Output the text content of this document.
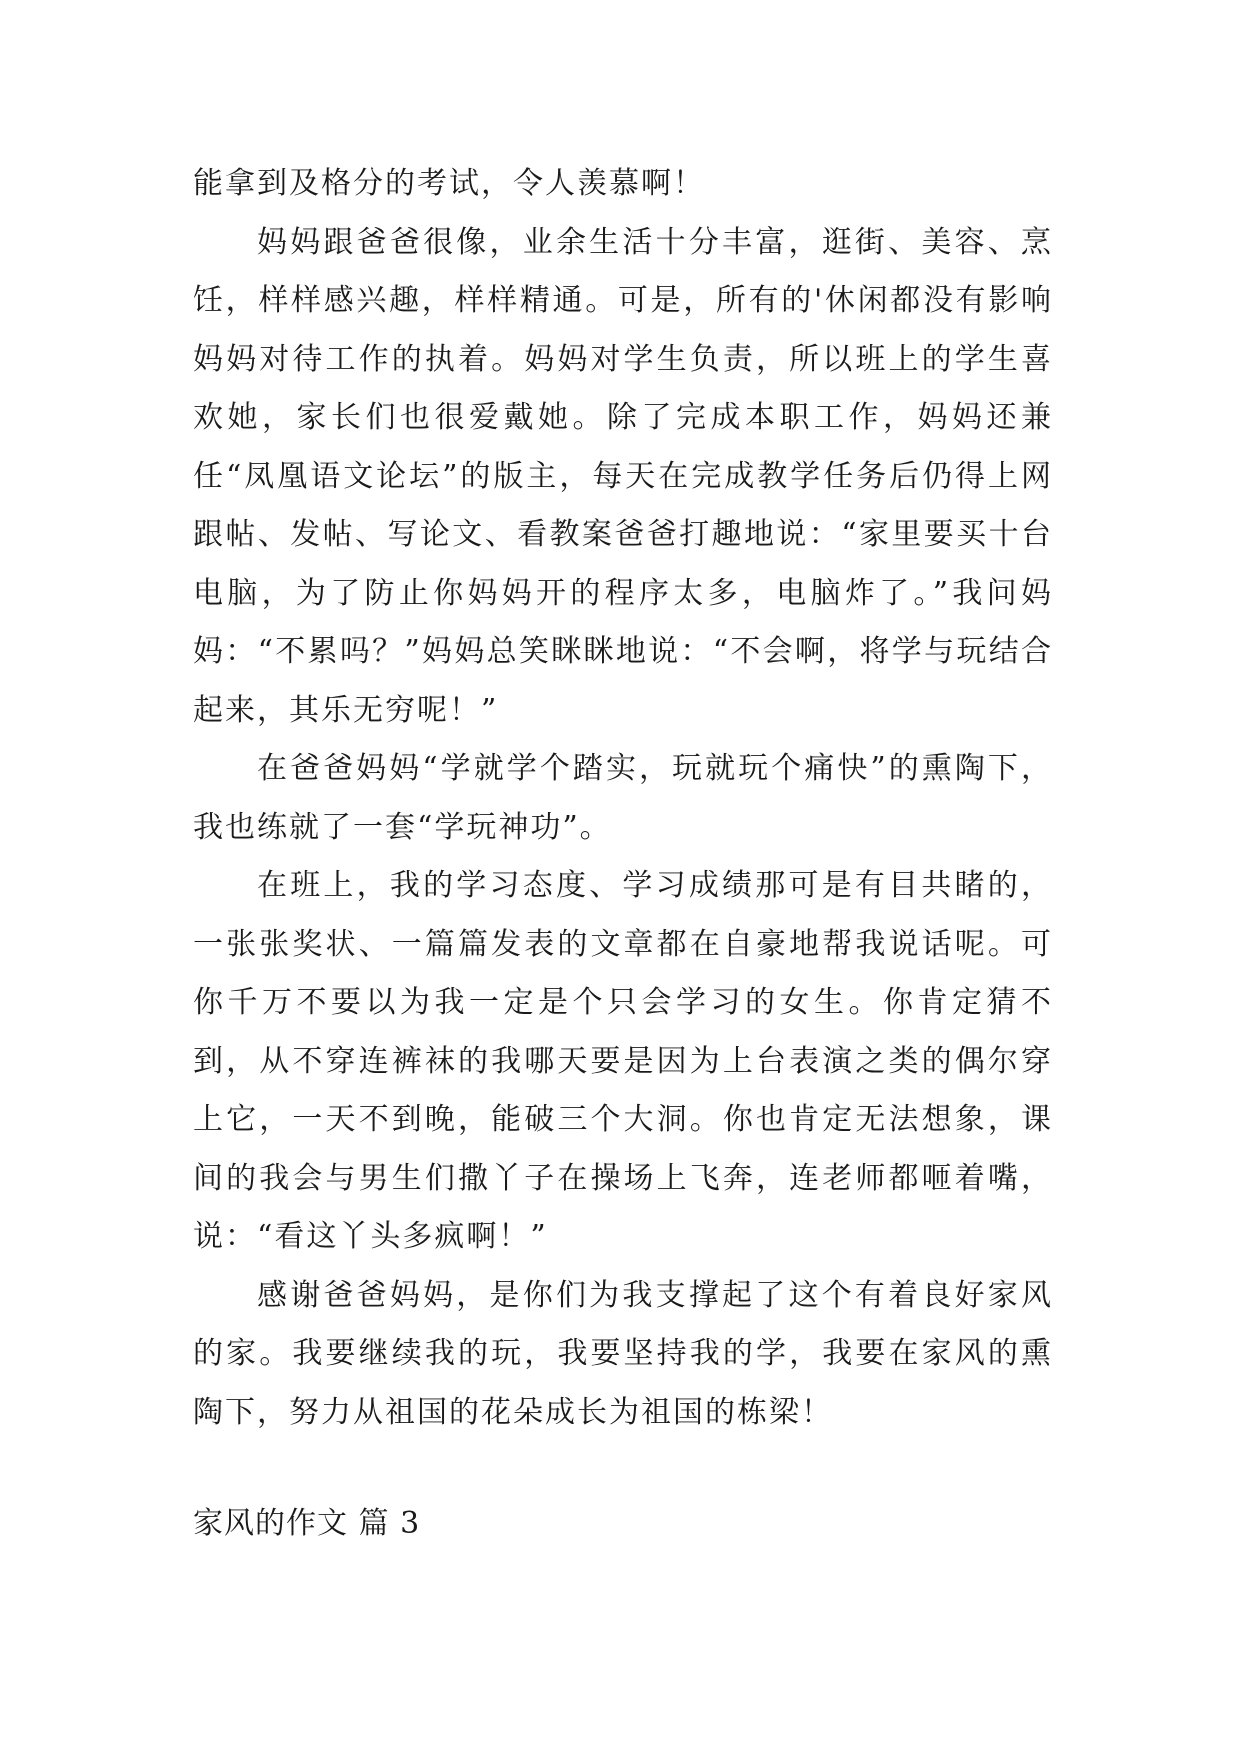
能拿到及格分的考试，令人羡慕啊！

妈妈跟爸爸很像，业余生活十分丰富，逛街、美容、烹饪，样样感兴趣，样样精通。可是，所有的'休闲都没有影响妈妈对待工作的执着。妈妈对学生负责，所以班上的学生喜欢她，家长们也很爱戴她。除了完成本职工作，妈妈还兼任“凤凰语文论坛”的版主，每天在完成教学任务后仍得上网跟帖、发帖、写论文、看教案爸爸打趣地说：“家里要买十台电脑，为了防止你妈妈开的程序太多，电脑炸了。”我问妈妈：“不累吗？”妈妈总笑眯眯地说：“不会啊，将学与玩结合起来，其乐无穷呢！”

在爸爸妈妈“学就学个踏实，玩就玩个痛快”的熏陶下，我也练就了一套“学玩神功”。

在班上，我的学习态度、学习成绩那可是有目共睹的，一张张奖状、一篇篇发表的文章都在自豪地帮我说话呢。可你千万不要以为我一定是个只会学习的女生。你肯定猜不到，从不穿连裤袜的我哪天要是因为上台表演之类的偶尔穿上它，一天不到晚，能破三个大洞。你也肯定无法想象，课间的我会与男生们撒丫子在操场上飞奔，连老师都咂着嘴，说：“看这丫头多疯啊！”

感谢爸爸妈妈，是你们为我支撑起了这个有着良好家风的家。我要继续我的玩，我要坚持我的学，我要在家风的熏陶下，努力从祖国的花朵成长为祖国的栋梁！

家风的作文 篇 3
